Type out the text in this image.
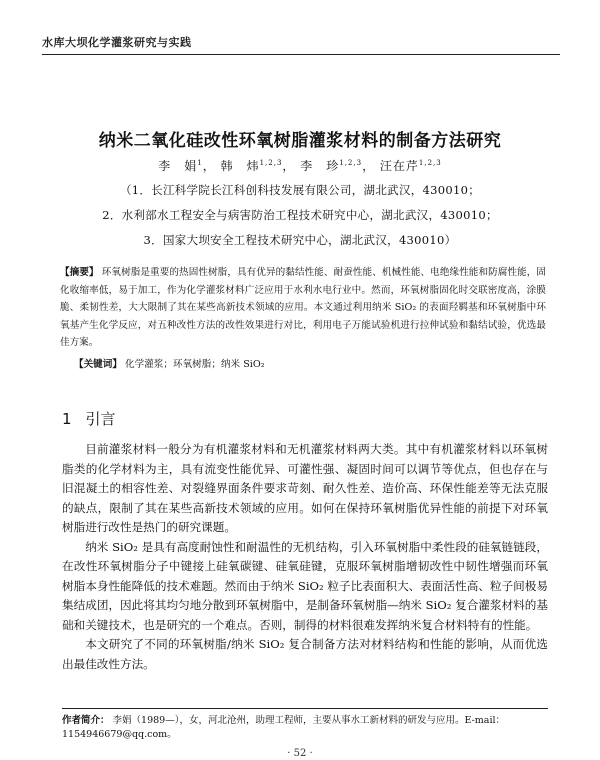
水库大坝化学灌浆研究与实践
纳米二氧化硅改性环氧树脂灌浆材料的制备方法研究
李　娟$^1$， 韩　炜$^{1,2,3}$， 李　珍$^{1,2,3}$， 汪在芹$^{1,2,3}$
（1．长江科学院长江科创科技发展有限公司，湖北武汉，430010；
2．水利部水工程安全与病害防治工程技术研究中心，湖北武汉，430010；
3．国家大坝安全工程技术研究中心，湖北武汉，430010）
【摘要】 环氧树脂是重要的热固性树脂，具有优异的黏结性能、耐蚕性能、机械性能、电绝缘性能和防腐性能，固化收缩率低，易于加工，作为化学灌浆材料广泛应用于水利水电行业中。然而，环氧树脂固化时交联密度高，涂膜脆、柔韧性差，大大限制了其在某些高新技术领域的应用。本文通过利用纳米 SiO₂ 的表面羟羁基和环氧树脂中环氧基产生化学反应，对五种改性方法的改性效果进行对比，利用电子万能试验机进行拉伸试验和黏结试验，优选最佳方案。
【关键词】 化学灌浆；环氧树脂；纳米 SiO₂
1 引言

目前灌浆材料一般分为有机灌浆材料和无机灌浆材料两大类。其中有机灌浆材料以环氧树脂类的化学材料为主，具有流变性能优异、可灌性强、凝固时间可以调节等优点，但也存在与旧混凝土的相容性差、对裂缝界面条件要求苛刻、耐久性差、造价高、环保性能差等无法克服的缺点，限制了其在某些高新技术领域的应用。如何在保持环氧树脂优异性能的前提下对环氧树脂进行改性是热门的研究课题。

纳米 SiO₂ 是具有高度耐蚀性和耐温性的无机结构，引入环氧树脂中柔性段的硅氧链链段，在改性环氧树脂分子中键接上硅氧碳键、硅氧硅键，克服环氧树脂增韧改性中韧性增强而环氧树脂本身性能降低的技术难题。然而由于纳米 SiO₂ 粒子比表面积大、表面活性高、粒子间极易集结成团，因此将其均匀地分散到环氧树脂中，是制备环氧树脂—纳米 SiO₂ 复合灌浆材料的基础和关键技术，也是研究的一个难点。否则，制得的材料很难发挥纳米复合材料特有的性能。

本文研究了不同的环氧树脂/纳米 SiO₂ 复合制备方法对材料结构和性能的影响，从而优选出最佳改性方法。

作者简介： 李娟（1989—），女，河北沧州，助理工程师，主要从事水工新材料的研发与应用。E-mail：1154946679@qq.com。
· 52 ·
